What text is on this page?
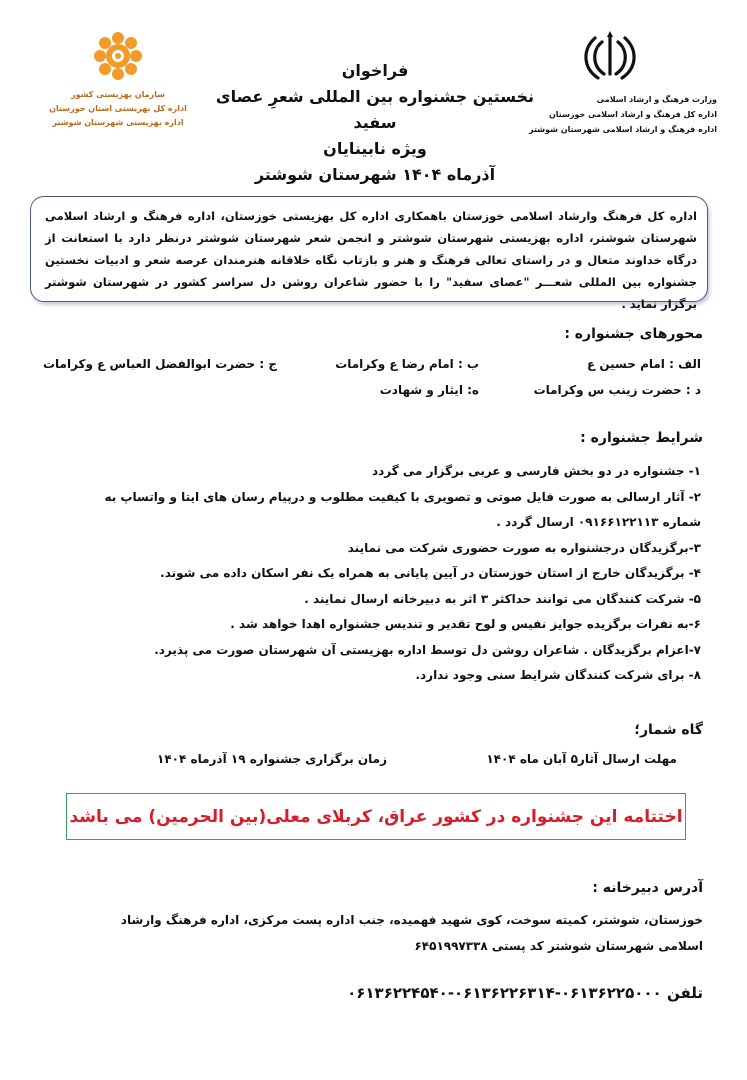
وزارت فرهنگ و ارشاد اسلامی
اداره کل فرهنگ و ارشاد اسلامی خوزستان
اداره فرهنگ و ارشاد اسلامی شهرستان شوشتر
سازمان بهزیستی کشور
اداره کل بهزیستی استان خوزستان
اداره بهزیستی شهرستان شوشتر
فراخوان
نخستین جشنواره بین المللی شعرِ عصای سفید
ویژه نابینایان
آذرماه ۱۴۰۴ شهرستان شوشتر
اداره کل فرهنگ وارشاد اسلامی خوزستان باهمکاری اداره کل بهزیستی خوزستان، اداره فرهنگ و ارشاد اسلامی شهرستان شوشتر، اداره بهزیستی شهرستان شوشتر و انجمن شعر شهرستان شوشتر درنظر دارد با استعانت از درگاه خداوند متعال و در راستای تعالی فرهنگ و هنر و بازتاب نگاه خلاقانه هنرمندان عرصه شعر و ادبیات نخستین جشنواره بین المللی شعـــر "عصای سفید" را با حضور شاعران روشن دل سراسر کشور در شهرستان شوشتر برگزار نماید .
محورهای جشنواره :
الف : امام حسین ع
ب : امام رضا ع وکرامات
ج : حضرت ابوالفضل العباس ع وکرامات
د : حضرت زینب س وکرامات
ه: ایثار و شهادت
شرایط جشنواره :
۱- جشنواره در دو بخش فارسی و عربی برگزار می گردد
۲- آثار ارسالی به صورت فایل صوتی و تصویری با کیفیت مطلوب و درپیام رسان های ایتا و واتساپ به
شماره ۰۹۱۶۶۱۲۲۱۱۳ ارسال گردد .
۳-برگزیدگان درجشنواره به صورت حضوری شرکت می نمایند
۴- برگزیدگان خارج از استان خوزستان در آیین پایانی به همراه یک نفر اسکان داده می شوند.
۵- شرکت کنندگان می توانند حداکثر ۳ اثر به دبیرخانه ارسال نمایند .
۶-به نفرات برگزیده جوایز نفیس و لوح تقدیر و تندیس جشنواره اهدا خواهد شد .
۷-اعزام برگزیدگان . شاعران روشن دل توسط اداره بهزیستی آن شهرستان صورت می پذیرد.
۸- برای شرکت کنندگان شرایط سنی وجود ندارد.
گاه شمار؛
مهلت ارسال آثار۵ آبان ماه ۱۴۰۴
زمان برگزاری جشنواره ۱۹ آذرماه ۱۴۰۴
اختتامه این جشنواره در کشور عراق، کربلای معلی(بین الحرمین) می باشد
آدرس دبیرخانه :
خوزستان، شوشتر، کمیته سوخت، کوی شهید فهمیده، جنب اداره پست مرکزی، اداره فرهنگ وارشاد
اسلامی شهرستان شوشتر کد پستی ۶۴۵۱۹۹۷۳۳۸
تلفن ۰۶۱۳۶۲۲۵۰۰۰-۰۶۱۳۶۲۲۶۳۱۴-۰۶۱۳۶۲۲۴۵۴۰
